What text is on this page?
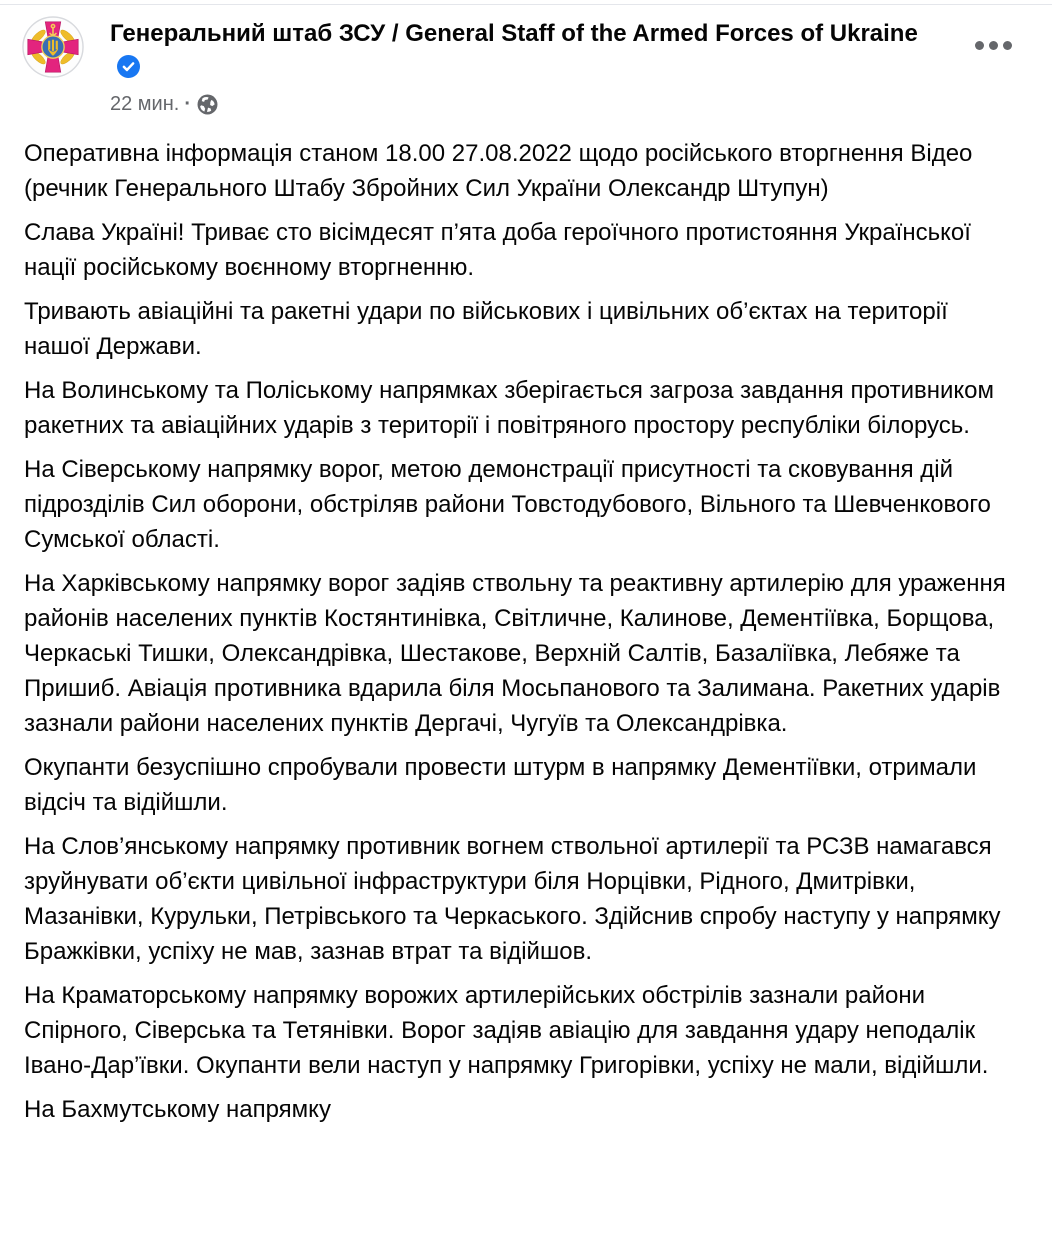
Генеральний штаб ЗСУ / General Staff of the Armed Forces of Ukraine
22 мин. ·

Оперативна інформація станом 18.00 27.08.2022 щодо російського вторгнення Відео (речник Генерального Штабу Збройних Сил України Олександр Штупун)

Слава Україні! Триває сто вісімдесят п’ята доба героїчного протистояння Української нації російському воєнному вторгненню.

Тривають авіаційні та ракетні удари по військових і цивільних об’єктах на території нашої Держави.

На Волинському та Поліському напрямках зберігається загроза завдання противником ракетних та авіаційних ударів з території і повітряного простору республіки білорусь.

На Сіверському напрямку ворог, метою демонстрації присутності та сковування дій підрозділів Сил оборони, обстріляв райони Товстодубового, Вільного та Шевченкового Сумської області.

На Харківському напрямку ворог задіяв ствольну та реактивну артилерію для ураження районів населених пунктів Костянтинівка, Світличне, Калинове, Дементіївка, Борщова, Черкаські Тишки, Олександрівка, Шестакове, Верхній Салтів, Базаліївка, Лебяже та Пришиб. Авіація противника вдарила біля Мосьпанового та Залимана. Ракетних ударів зазнали райони населених пунктів Дергачі, Чугуїв та Олександрівка.

Окупанти безуспішно спробували провести штурм в напрямку Дементіївки, отримали відсіч та відійшли.

На Слов’янському напрямку противник вогнем ствольної артилерії та РСЗВ намагався зруйнувати об’єкти цивільної інфраструктури біля Норцівки, Рідного, Дмитрівки, Мазанівки, Курульки, Петрівського та Черкаського. Здійснив спробу наступу у напрямку Бражківки, успіху не мав, зазнав втрат та відійшов.

На Краматорському напрямку ворожих артилерійських обстрілів зазнали райони Спірного, Сіверська та Тетянівки. Ворог задіяв авіацію для завдання удару неподалік Івано-Дар’ївки. Окупанти вели наступ у напрямку Григорівки, успіху не мали, відійшли.

На Бахмутському напрямку
